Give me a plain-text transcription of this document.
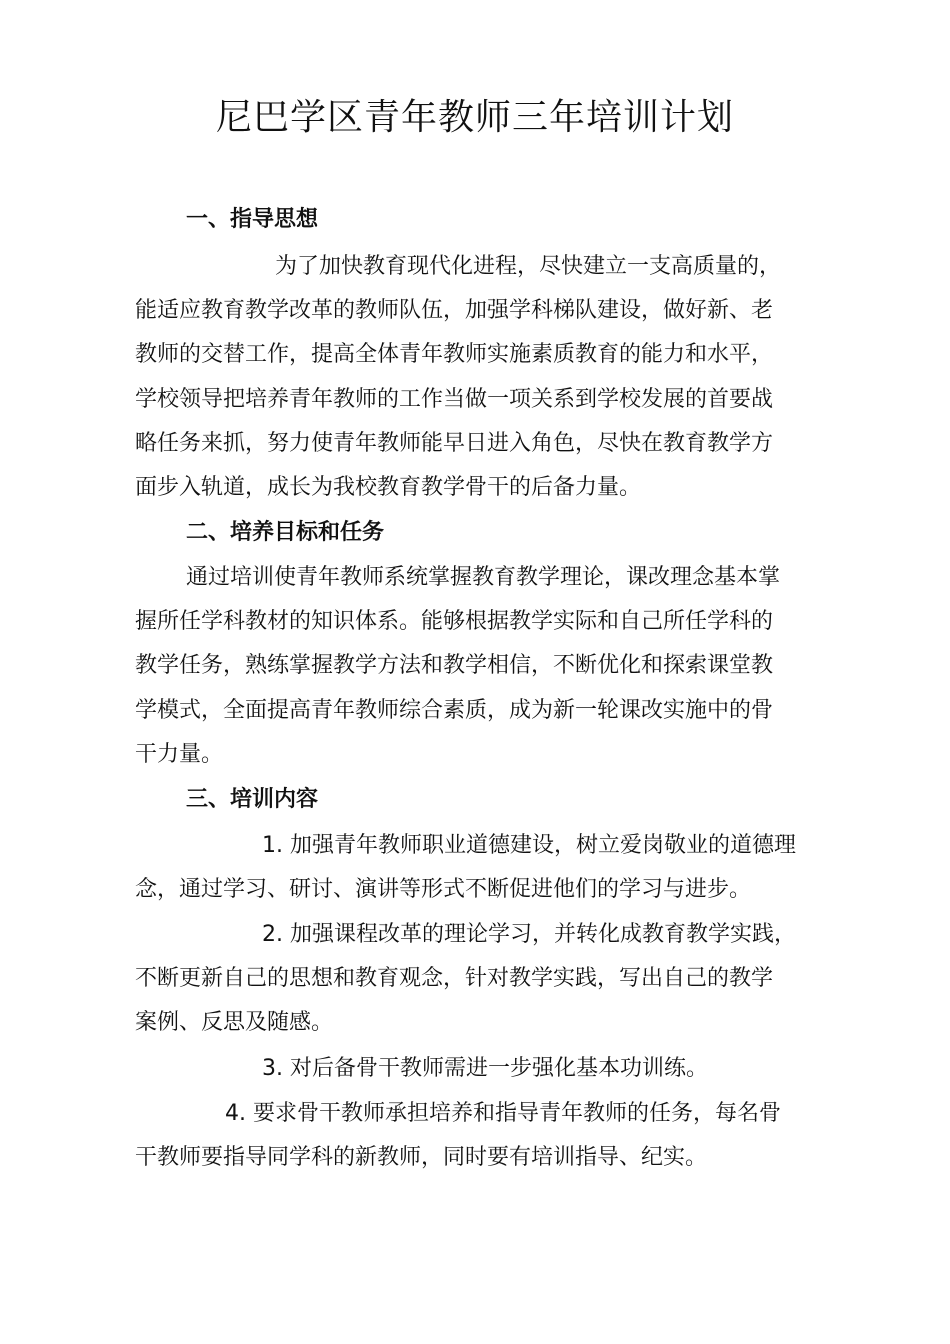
尼巴学区青年教师三年培训计划
一、指导思想
为了加快教育现代化进程，尽快建立一支高质量的，
能适应教育教学改革的教师队伍，加强学科梯队建设，做好新、老
教师的交替工作，提高全体青年教师实施素质教育的能力和水平，
学校领导把培养青年教师的工作当做一项关系到学校发展的首要战
略任务来抓，努力使青年教师能早日进入角色，尽快在教育教学方
面步入轨道，成长为我校教育教学骨干的后备力量。
二、培养目标和任务
通过培训使青年教师系统掌握教育教学理论，课改理念基本掌
握所任学科教材的知识体系。能够根据教学实际和自己所任学科的
教学任务，熟练掌握教学方法和教学相信，不断优化和探索课堂教
学模式，全面提高青年教师综合素质，成为新一轮课改实施中的骨
干力量。
三、培训内容
1. 加强青年教师职业道德建设，树立爱岗敬业的道德理
念，通过学习、研讨、演讲等形式不断促进他们的学习与进步。
2. 加强课程改革的理论学习，并转化成教育教学实践，
不断更新自己的思想和教育观念，针对教学实践，写出自己的教学
案例、反思及随感。
3. 对后备骨干教师需进一步强化基本功训练。
4. 要求骨干教师承担培养和指导青年教师的任务，每名骨
干教师要指导同学科的新教师，同时要有培训指导、纪实。
